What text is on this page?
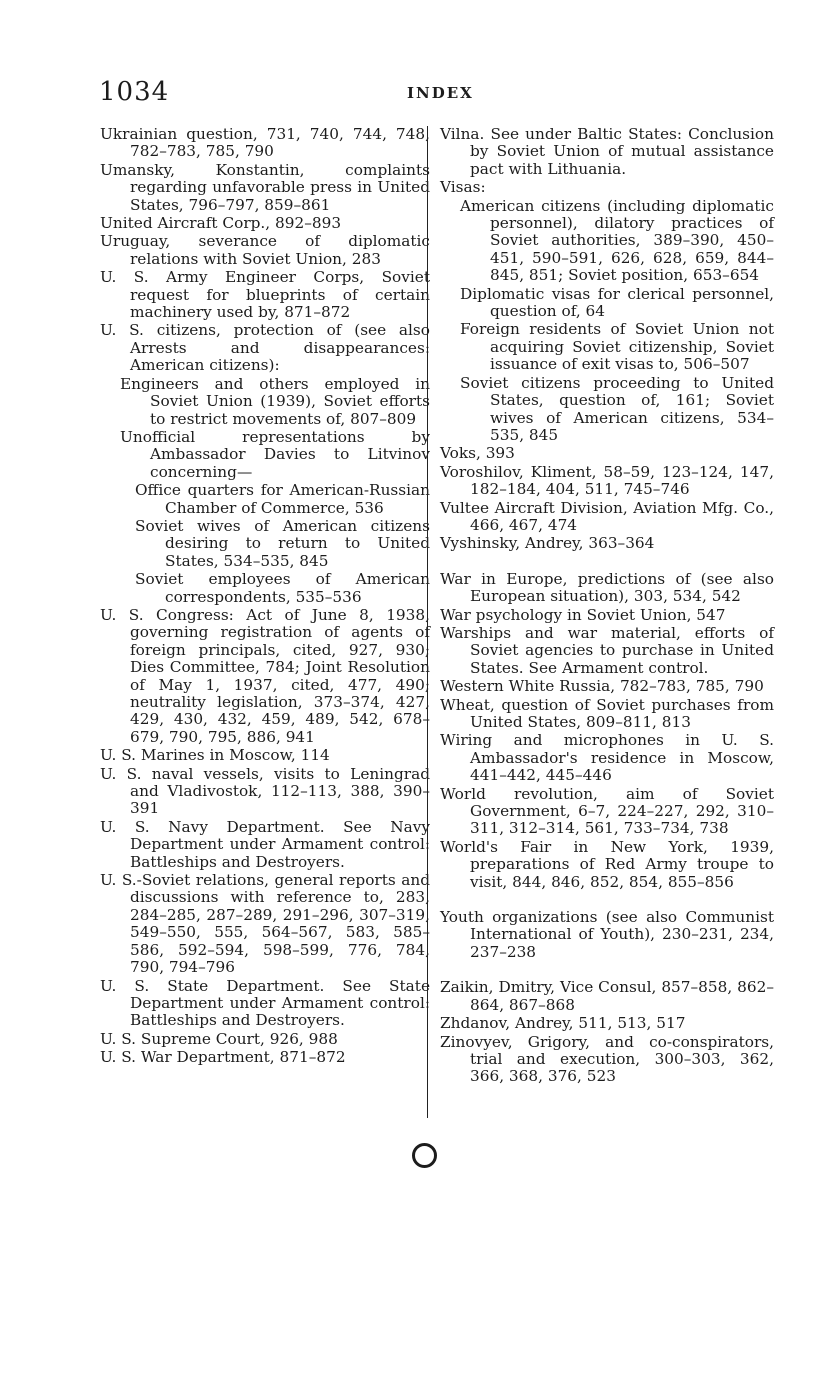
1034	INDEX
Ukrainian question, 731, 740, 744, 748, 782–783, 785, 790
Umansky, Konstantin, complaints regarding unfavorable press in United States, 796–797, 859–861
United Aircraft Corp., 892–893
Uruguay, severance of diplomatic relations with Soviet Union, 283
U. S. Army Engineer Corps, Soviet request for blueprints of certain machinery used by, 871–872
U. S. citizens, protection of (see also Arrests and disappearances: American citizens):
Engineers and others employed in Soviet Union (1939), Soviet efforts to restrict movements of, 807–809
Unofficial representations by Ambassador Davies to Litvinov concerning—
Office quarters for American-Russian Chamber of Commerce, 536
Soviet wives of American citizens desiring to return to United States, 534–535, 845
Soviet employees of American correspondents, 535–536
U. S. Congress: Act of June 8, 1938, governing registration of agents of foreign principals, cited, 927, 930; Dies Committee, 784; Joint Resolution of May 1, 1937, cited, 477, 490; neutrality legislation, 373–374, 427, 429, 430, 432, 459, 489, 542, 678–679, 790, 795, 886, 941
U. S. Marines in Moscow, 114
U. S. naval vessels, visits to Leningrad and Vladivostok, 112–113, 388, 390–391
U. S. Navy Department. See Navy Department under Armament control: Battleships and Destroyers.
U. S.-Soviet relations, general reports and discussions with reference to, 283, 284–285, 287–289, 291–296, 307–319, 549–550, 555, 564–567, 583, 585–586, 592–594, 598–599, 776, 784, 790, 794–796
U. S. State Department. See State Department under Armament control: Battleships and Destroyers.
U. S. Supreme Court, 926, 988
U. S. War Department, 871–872
Vilna. See under Baltic States: Conclusion by Soviet Union of mutual assistance pact with Lithuania.
Visas:
American citizens (including diplomatic personnel), dilatory practices of Soviet authorities, 389–390, 450–451, 590–591, 626, 628, 659, 844–845, 851; Soviet position, 653–654
Diplomatic visas for clerical personnel, question of, 64
Foreign residents of Soviet Union not acquiring Soviet citizenship, Soviet issuance of exit visas to, 506–507
Soviet citizens proceeding to United States, question of, 161; Soviet wives of American citizens, 534–535, 845
Voks, 393
Voroshilov, Kliment, 58–59, 123–124, 147, 182–184, 404, 511, 745–746
Vultee Aircraft Division, Aviation Mfg. Co., 466, 467, 474
Vyshinsky, Andrey, 363–364
War in Europe, predictions of (see also European situation), 303, 534, 542
War psychology in Soviet Union, 547
Warships and war material, efforts of Soviet agencies to purchase in United States. See Armament control.
Western White Russia, 782–783, 785, 790
Wheat, question of Soviet purchases from United States, 809–811, 813
Wiring and microphones in U. S. Ambassador's residence in Moscow, 441–442, 445–446
World revolution, aim of Soviet Government, 6–7, 224–227, 292, 310–311, 312–314, 561, 733–734, 738
World's Fair in New York, 1939, preparations of Red Army troupe to visit, 844, 846, 852, 854, 855–856
Youth organizations (see also Communist International of Youth), 230–231, 234, 237–238
Zaikin, Dmitry, Vice Consul, 857–858, 862–864, 867–868
Zhdanov, Andrey, 511, 513, 517
Zinovyev, Grigory, and co-conspirators, trial and execution, 300–303, 362, 366, 368, 376, 523
